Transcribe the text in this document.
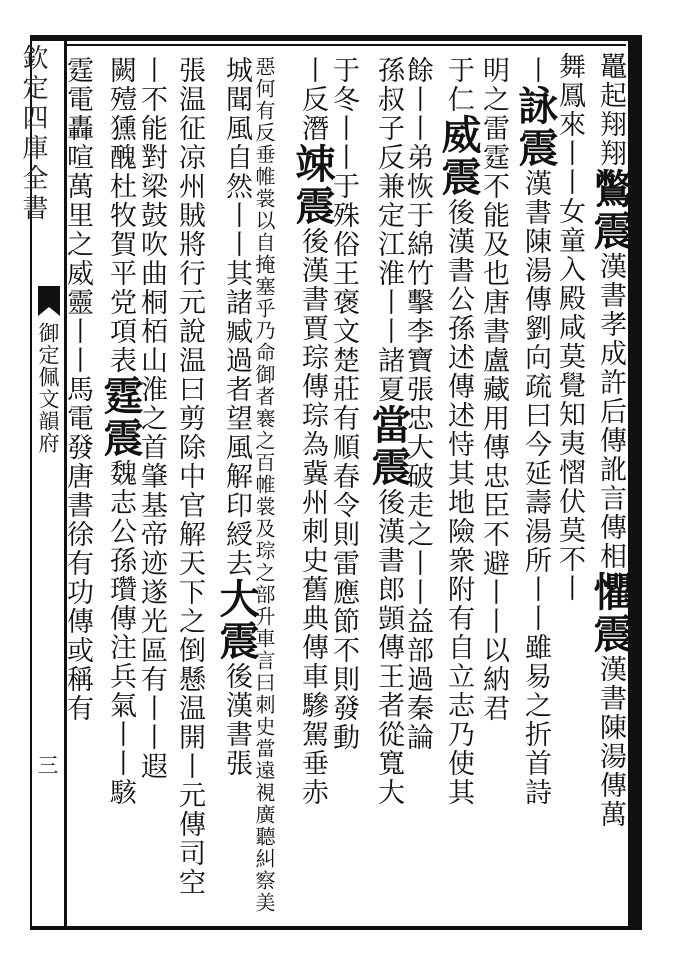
欽定四庫全書
御定佩文韻府
三
鼉起翔翔鷩震漢書孝成許后傳訛言傳相懼震漢書陳湯傳萬
舞鳳來丨丨女童入殿咸莫覺知夷慴伏莫不丨
丨詠震漢書陳湯傳劉向疏曰今延壽湯所丨丨雖易之折首詩
明之雷霆不能及也唐書盧藏用傳忠臣不避丨丨以納君
于仁威震後漢書公孫述傳述恃其地險衆附有自立志乃使其
餘丨丨弟恢于綿竹擊李寶張忠大破走之丨丨益部過秦論
孫叔子反兼定江淮丨丨諸夏當震後漢書郎顗傳王者從寬大
于冬丨丨于殊俗王褒文楚莊有順春令則雷應節不則發動
丨反潛竦震後漢書賈琮傳琮為冀州刺史舊典傳車驂駕垂赤
惡何有反垂帷裳以自掩塞乎乃命御者褰之百帷裳及琮之部升車言曰刺史當遠視廣聽糾察美
城聞風自然丨丨其諸臧過者望風解印綬去大震後漢書張
張温征凉州賊將行元說温曰剪除中官解天下之倒懸温開丨元傳司空
丨不能對梁鼓吹曲桐栢山淮之首肇基帝迹遂光區有丨丨遐
闕殪獯醜杜牧賀平党項表霆震魏志公孫瓚傳注兵氣丨丨駭
霆電轟喧萬里之威靈丨丨馬電發唐書徐有功傳或稱有
